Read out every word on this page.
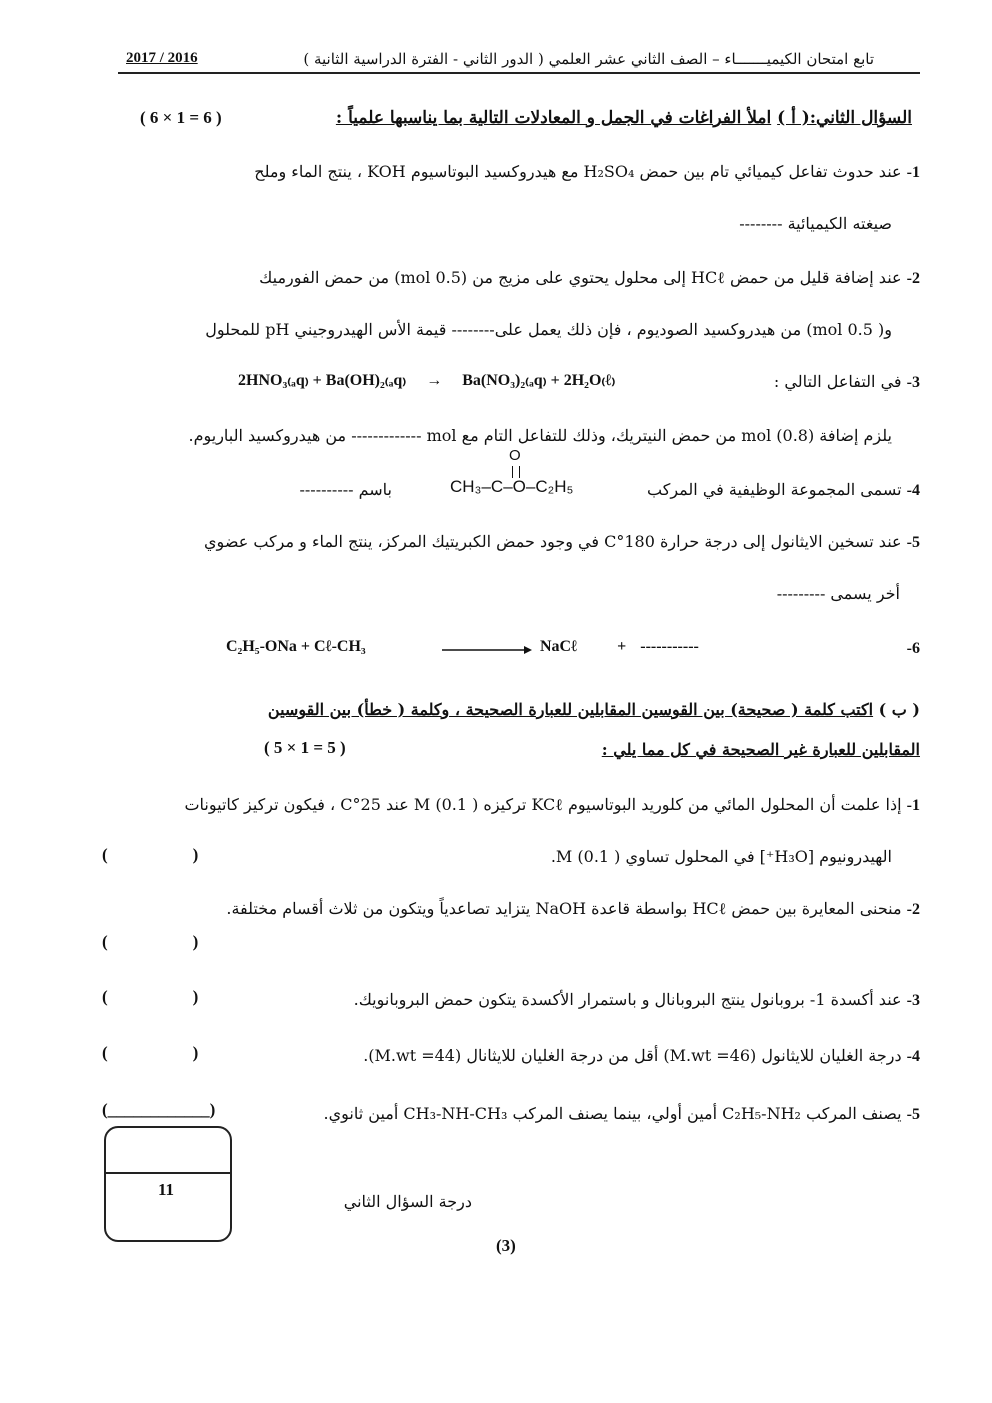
تابع امتحان الكيميـــــــاء – الصف الثاني عشر العلمي ( الدور الثاني - الفترة الدراسية الثانية )
2017 / 2016
السؤال الثاني:( أ ) املأ الفراغات في الجمل و المعادلات التالية بما يناسبها علمياً :
( 6 × 1 = 6 )
1- عند حدوث تفاعل كيميائي تام بين حمض H₂SO₄ مع هيدروكسيد البوتاسيوم KOH ، ينتج الماء وملح
صيغته الكيميائية --------
2- عند إضافة قليل من حمض HCℓ إلى محلول يحتوي على مزيج من (0.5 mol) من حمض الفورميك
و( 0.5 mol) من هيدروكسيد الصوديوم ، فإن ذلك يعمل على-------- قيمة الأس الهيدروجيني pH للمحلول
3- في التفاعل التالي :
2HNO₃₍ₐq₎ + Ba(OH)₂₍ₐq₎ → Ba(NO₃)₂₍ₐq₎ + 2H₂O₍ℓ₎
يلزم إضافة mol (0.8) من حمض النيتريك، وذلك للتفاعل التام مع mol ------------- من هيدروكسيد الباريوم.
4- تسمى المجموعة الوظيفية في المركب
CH₃–C–O–C₂H₅
O
باسم ----------
5- عند تسخين الايثانول إلى درجة حرارة 180°C في وجود حمض الكبريتيك المركز، ينتج الماء و مركب عضوي
أخر يسمى ---------
6-
C₂H₅-ONa + Cℓ-CH₃	NaCℓ	+ -----------
( ب ) اكتب كلمة ( صحيحة) بين القوسين المقابلين للعبارة الصحيحة ، وكلمة ( خطأ) بين القوسين
المقابلين للعبارة غير الصحيحة في كل مما يلي :
( 5 × 1 = 5 )
1- إذا علمت أن المحلول المائي من كلوريد البوتاسيوم KCℓ تركيزه M (0.1 ) عند 25°C ، فيكون تركيز كاتيونات
الهيدرونيوم [H₃O⁺] في المحلول تساوي M (0.1 ).
(                    )
2- منحنى المعايرة بين حمض HCℓ بواسطة قاعدة NaOH يتزايد تصاعدياً ويتكون من ثلاث أقسام مختلفة.
(                    )
3- عند أكسدة 1- بروبانول ينتج البروبانال و باستمرار الأكسدة يتكون حمض البروبانويك.
(                    )
4- درجة الغليان للايثانول (M.wt =46) أقل من درجة الغليان للايثانال (M.wt =44).
(                    )
5- يصنف المركب C₂H₅-NH₂ أمين أولي، بينما يصنف المركب CH₃-NH-CH₃ أمين ثانوي.
(____________)
11
درجة السؤال الثاني
(3)
